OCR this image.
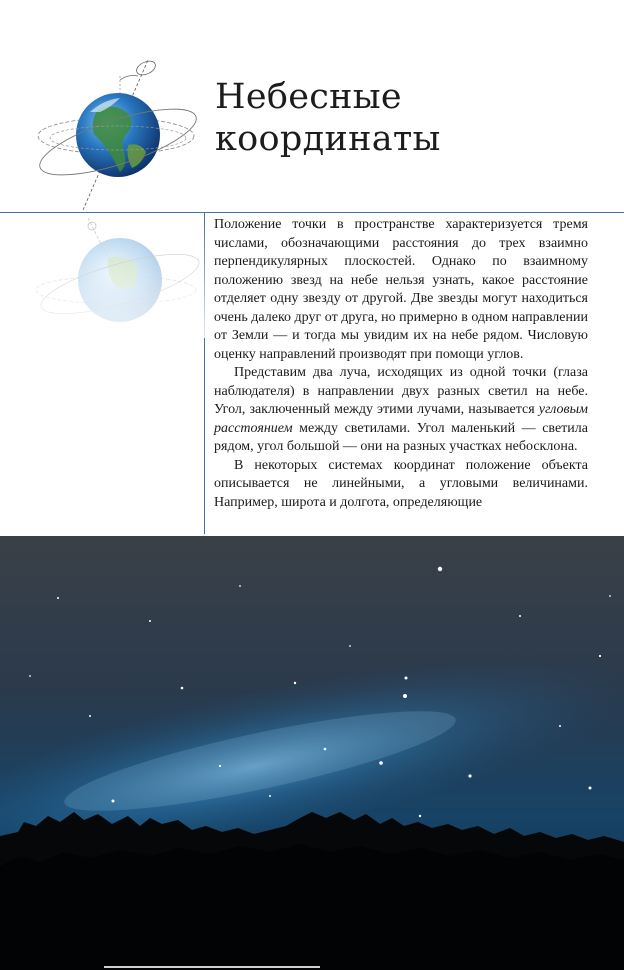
Небесные
координаты

Положение точки в пространстве характеризуется тремя числами, обозначающими расстояния до трех взаимно перпендикулярных плоскостей. Однако по взаимному положению звезд на небе нельзя узнать, какое расстояние отделяет одну звезду от другой. Две звезды могут находиться очень далеко друг от друга, но примерно в одном направлении от Земли — и тогда мы увидим их на небе рядом. Числовую оценку направлений производят при помощи углов.

Представим два луча, исходящих из одной точки (глаза наблюдателя) в направлении двух разных светил на небе. Угол, заключенный между этими лучами, называется угловым расстоянием между светилами. Угол маленький — светила рядом, угол большой — они на разных участках небосклона.

В некоторых системах координат положение объекта описывается не линейными, а угловыми величинами. Например, широта и долгота, определяющие
